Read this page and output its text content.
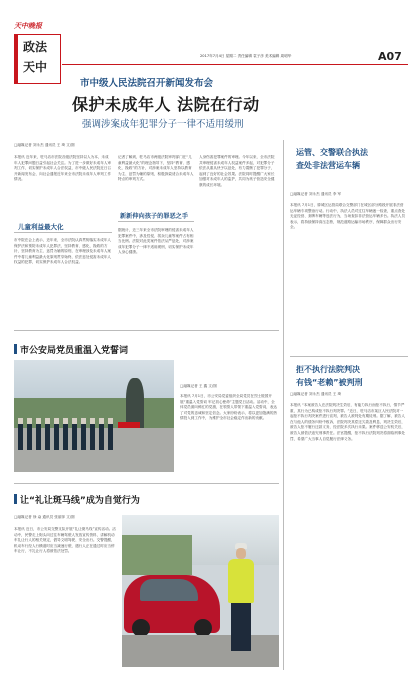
天中晚报
政法
天中
2017年7月4日 星期二 责任编辑 袁子彦 美术编辑 周明华	A07
市中级人民法院召开新闻发布会
保护未成年人 法院在行动
强调涉案成年犯罪分子一律不适用缓刑
□融媒记者 刘永杰 通讯员 王 琦 文/图
本报讯 近年来，驻马店市法院各级法院坚持以人为本，未成年人犯罪问题日益引起社会关注。为了进一步做好未成年人审判工作，切实保护未成年人合法权益，市中级人民法院近日召开新闻发布会，向社会通报近年来全市法院未成年人审判工作情况。
儿童利益最大化
市中院在会上表示，近年来，全市法院认真贯彻落实未成年人保护法和预防未成年人犯罪法，坚持教育、感化、挽救的方针，坚持教育为主、惩罚为辅的原则，在审理涉及未成年人案件中将儿童利益最大化原则贯穿始终，依法惩处侵害未成年人权益的犯罪，切实保护未成年人合法权益。
记者了解到，驻马店市两级法院审判部门在“儿童利益最大化”的理念指导下，坚持“教育、感化、挽救”的方针，对涉案未成年人坚持以教育为主、惩罚为辅的原则，积极探索适合未成年人特点的审判方式。
新新伸向孩子的罪恶之手
据统计，近三年来全市法院审理的侵害未成年人犯罪案件中，涉及性侵、拐卖儿童等案件占有相当比例。法院对此类案件依法从严惩处，对涉案成年犯罪分子一律不适用缓刑，切实保护未成年人身心健康。
人身伤害犯罪案件的审理。今年以来，全市法院共审理侵害未成年人权益案件多起，对犯罪分子依法从重从快予以惩处，有力震慑了犯罪分子，起到了良好的社会效果。法院同时提醒广大家长加强对未成年人的监护，共同为孩子营造安全健康的成长环境。
市公安局党员重温入党誓词
□融媒记者 王 鑫 文/图
本报讯 7月1日，市公安局党委组织全局党员在烈士陵园开展“重温入党誓词 牢记初心使命”主题党日活动。活动中，全体党员面向鲜红的党旗，在领誓人带领下重温入党誓词，表达了对党的忠诚和坚定信念。大家纷纷表示，将以更加饱满的热情投入到工作中，为维护全市社会稳定作出新的贡献。
让“礼让斑马线”成为自觉行为
□融媒记者 徐 焱 通讯员 张丽萍 文/图
本报讯 近日，市公安局交警支队开展“礼让斑马线”宣传活动。活动中，民警走上街头向过往车辆驾驶人发放宣传资料，讲解机动车礼让行人的相关规定，倡导文明驾驶、安全出行。交警提醒，机动车行经人行横道时应当减速行驶，遇行人正在通过时应当停车让行，不礼让行人将被依法处罚。
运管、交警联合执法
查处非法营运车辆
□融媒记者 刘永杰 通讯员 李 军
本报讯 7月1日，驿城区运管局联合交警部门在城区部分路段开展非法营运车辆专项整治行动。行动中，执法人员对过往车辆逐一检查，重点查处无证经营、套牌车辆等违法行为，当场查扣非法营运车辆多台。执法人员表示，将持续保持高压态势，规范道路运输市场秩序，保障群众出行安全。
拒不执行法院判决
有钱“老赖”被判刑
□融媒记者 刘永杰 通讯员 王 琦
本报讯 “本案被告人在法院判决生效后，有能力执行而拒不执行，情节严重，其行为已构成拒不执行判决罪。”近日，驻马店市某区人民法院对一起拒不执行判决案件进行宣判，被告人被判处有期徒刑。据了解，被告人在与他人的债务纠纷中败诉，法院判决其偿还欠款及利息，判决生效后，被告人拒不履行还款义务，经法院多次执行未果。案件移送公安机关后，被告人被依法追究刑事责任。法官提醒，拒不执行法院判决将面临刑事处罚，希望广大当事人自觉履行法律义务。
